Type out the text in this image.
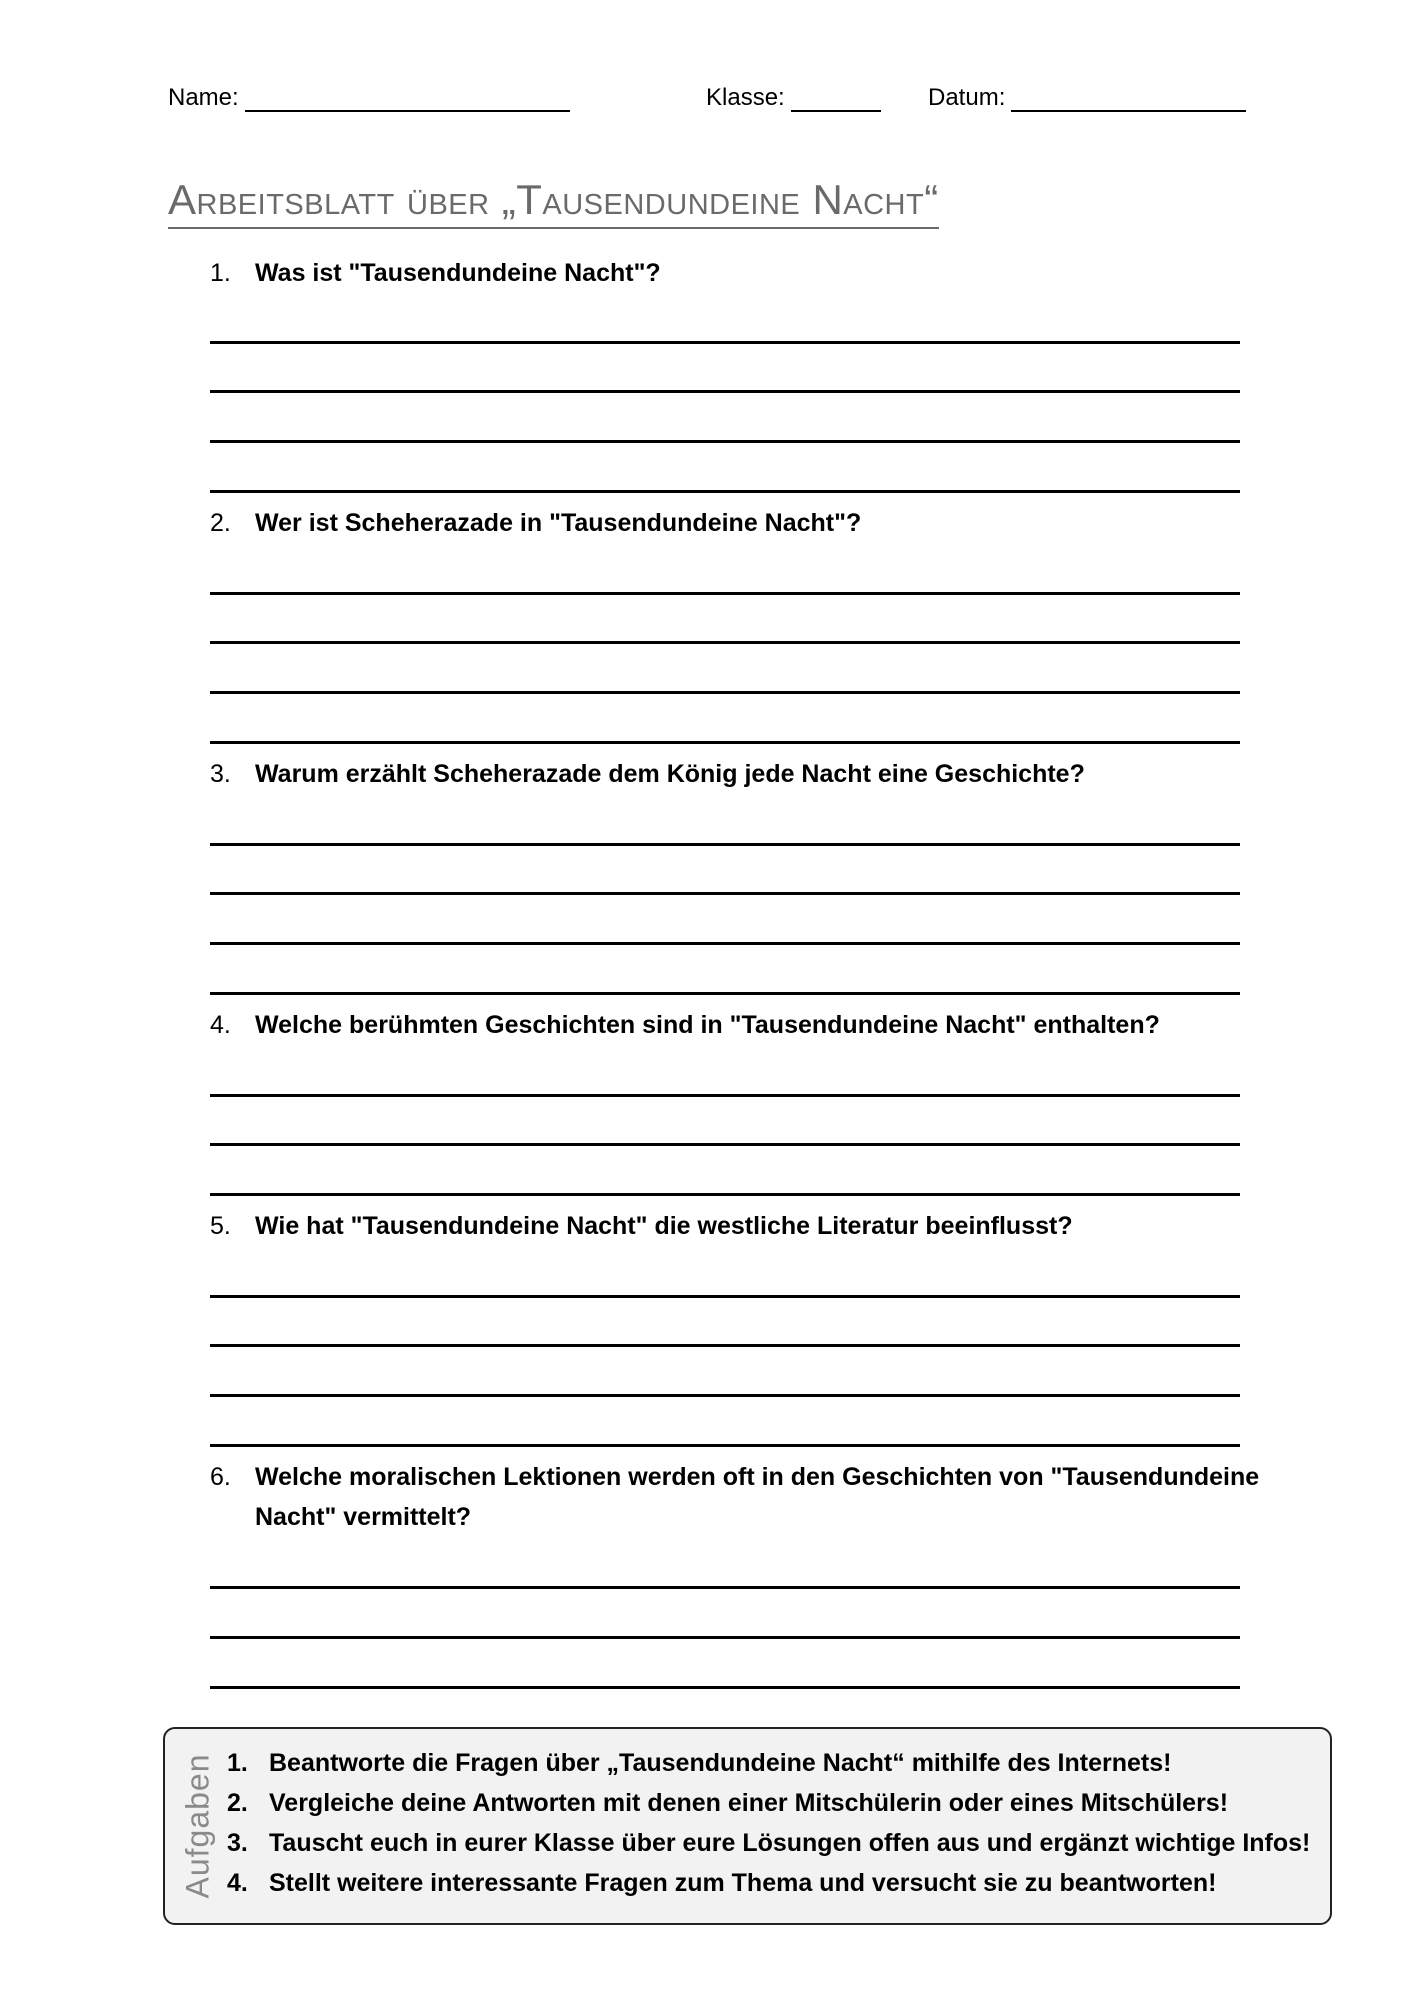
Name:	Klasse:	Datum:
Arbeitsblatt über „Tausendundeine Nacht“
1. Was ist "Tausendundeine Nacht"?
2. Wer ist Scheherazade in "Tausendundeine Nacht"?
3. Warum erzählt Scheherazade dem König jede Nacht eine Geschichte?
4. Welche berühmten Geschichten sind in "Tausendundeine Nacht" enthalten?
5. Wie hat "Tausendundeine Nacht" die westliche Literatur beeinflusst?
6. Welche moralischen Lektionen werden oft in den Geschichten von "Tausendundeine Nacht" vermittelt?
Aufgaben 1. Beantworte die Fragen über „Tausendundeine Nacht“ mithilfe des Internets!
2. Vergleiche deine Antworten mit denen einer Mitschülerin oder eines Mitschülers!
3. Tauscht euch in eurer Klasse über eure Lösungen offen aus und ergänzt wichtige Infos!
4. Stellt weitere interessante Fragen zum Thema und versucht sie zu beantworten!
